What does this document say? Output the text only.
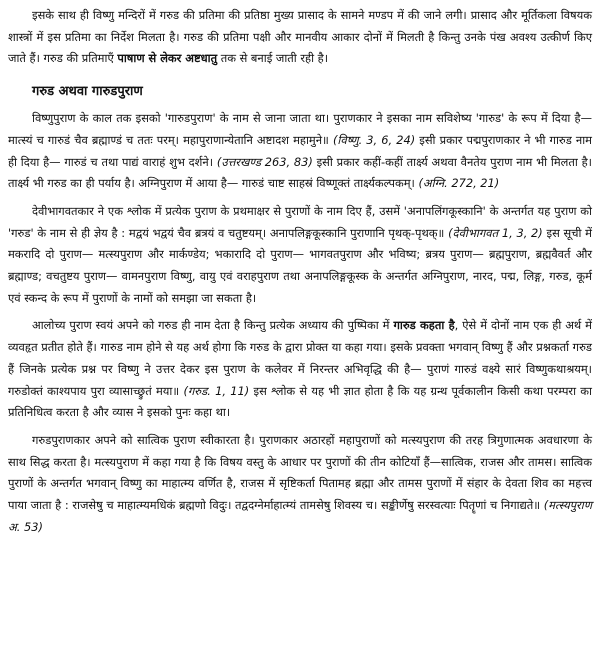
इसके साथ ही विष्णु मन्दिरों में गरुड की प्रतिमा की प्रतिष्ठा मुख्य प्रासाद के सामने मण्डप में की जाने लगी। प्रासाद और मूर्तिकला विषयक शास्त्रों में इस प्रतिमा का निर्देश मिलता है। गरुड की प्रतिमा पक्षी और मानवीय आकार दोनों में मिलती है किन्तु उनके पंख अवश्य उत्कीर्ण किए जाते हैं। गरुड की प्रतिमाएँ पाषाण से लेकर अष्टधातु तक से बनाई जाती रही है।

गरुड अथवा गारुडपुराण

विष्णुपुराण के काल तक इसको 'गारुडपुराण' के नाम से जाना जाता था। पुराणकार ने इसका नाम सविशेष्य 'गारुड' के रूप में दिया है— मात्स्यं च गारुडं चैव ब्रह्माण्डं च ततः परम्। महापुराणान्येतानि अष्टादश महामुने॥ (विष्णु. 3, 6, 24) इसी प्रकार पद्मपुराणकार ने भी गारुड नाम ही दिया है— गारुडं च तथा पाद्यं वाराहं शुभ दर्शने। (उत्तरखण्ड 263, 83) इसी प्रकार कहीं-कहीं तार्क्ष्य अथवा वैनतेय पुराण नाम भी मिलता है। तार्क्ष्य भी गरुड का ही पर्याय है। अग्निपुराण में आया है— गारुडं चाष्ट साहस्रं विष्णूक्तं तार्क्ष्यकल्पकम्। (अग्नि. 272, 21)

देवीभागवतकार ने एक श्लोक में प्रत्येक पुराण के प्रथमाक्षर से पुराणों के नाम दिए हैं, उसमें 'अनापलिंगकूस्कानि' के अन्तर्गत यह पुराण को 'गरुड' के नाम से ही ज्ञेय है : मद्वयं भद्वयं चैव ब्रत्रयं व चतुष्टयम्। अनापलिङ्गकूस्कानि पुराणानि पृथक्-पृथक्॥ (देवीभागवत 1, 3, 2) इस सूची में मकरादि दो पुराण— मत्स्यपुराण और मार्कण्डेय; भकारादि दो पुराण— भागवतपुराण और भविष्य; ब्रत्रय पुराण— ब्रह्मपुराण, ब्रह्मवैवर्त और ब्रह्माण्ड; वचतुष्टय पुराण— वामनपुराण विष्णु, वायु एवं वराहपुराण तथा अनापलिङ्गकूस्क के अन्तर्गत अग्निपुराण, नारद, पद्म, लिङ्ग, गरुड, कूर्म एवं स्कन्द के रूप में पुराणों के नामों को समझा जा सकता है।

आलोच्य पुराण स्वयं अपने को गरुड ही नाम देता है किन्तु प्रत्येक अध्याय की पुष्पिका में गारुड कहता है, ऐसे में दोनों नाम एक ही अर्थ में व्यवहृत प्रतीत होते हैं। गारुड नाम होने से यह अर्थ होगा कि गरुड के द्वारा प्रोक्त या कहा गया। इसके प्रवक्ता भगवान् विष्णु हैं और प्रश्नकर्ता गरुड हैं जिनके प्रत्येक प्रश्न पर विष्णु ने उत्तर देकर इस पुराण के कलेवर में निरन्तर अभिवृद्धि की है— पुराणं गारुडं वक्ष्ये सारं विष्णुकथाश्रयम्। गरुडोक्तं काश्यपाय पुरा व्यासाच्छ्रुतं मया॥ (गरुड. 1, 11) इस श्लोक से यह भी ज्ञात होता है कि यह ग्रन्थ पूर्वकालीन किसी कथा परम्परा का प्रतिनिधित्व करता है और व्यास ने इसको पुनः कहा था।

गरुडपुराणकार अपने को सात्विक पुराण स्वीकारता है। पुराणकार अठारहों महापुराणों को मत्स्यपुराण की तरह त्रिगुणात्मक अवधारणा के साथ सिद्ध करता है। मत्स्यपुराण में कहा गया है कि विषय वस्तु के आधार पर पुराणों की तीन कोटियाँ हैं—सात्विक, राजस और तामस। सात्विक पुराणों के अन्तर्गत भगवान् विष्णु का माहात्म्य वर्णित है, राजस में सृष्टिकर्ता पितामह ब्रह्मा और तामस पुराणों में संहार के देवता शिव का महत्त्व पाया जाता है : राजसेषु च माहात्म्यमधिकं ब्रह्मणो विदुः। तद्वदग्नेर्माहात्म्यं तामसेषु शिवस्य च। सङ्कीर्णेषु सरस्वत्याः पितॄणां च निगाद्यते॥ (मत्स्यपुराण अ. 53)
